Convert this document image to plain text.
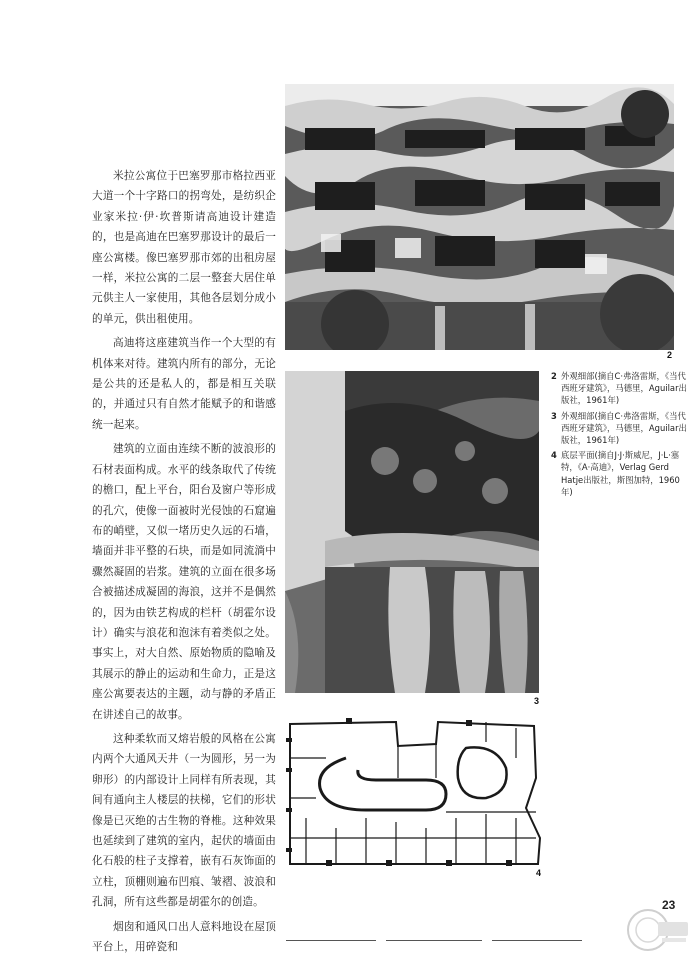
米拉公寓位于巴塞罗那市格拉西亚大道一个十字路口的拐弯处，是纺织企业家米拉·伊·坎普斯请高迪设计建造的，也是高迪在巴塞罗那设计的最后一座公寓楼。像巴塞罗那市郊的出租房屋一样，米拉公寓的二层一整套大居住单元供主人一家使用，其他各层划分成小的单元，供出租使用。

高迪将这座建筑当作一个大型的有机体来对待。建筑内所有的部分，无论是公共的还是私人的，都是相互关联的，并通过只有自然才能赋予的和谐感统一起来。

建筑的立面由连续不断的波浪形的石材表面构成。水平的线条取代了传统的檐口，配上平台，阳台及窗户等形成的孔穴，使像一面被时光侵蚀的石窟遍布的峭壁，又似一堵历史久远的石墙，墙面并非平整的石块，而是如同流淌中骤然凝固的岩浆。建筑的立面在很多场合被描述成凝固的海浪，这并不是偶然的，因为由铁艺构成的栏杆（胡霍尔设计）确实与浪花和泡沫有着类似之处。事实上，对大自然、原始物质的隐喻及其展示的静止的运动和生命力，正是这座公寓要表达的主题，动与静的矛盾正在讲述自己的故事。

这种柔软而又熔岩般的风格在公寓内两个大通风天井（一为圆形，另一为卵形）的内部设计上同样有所表现，其间有通向主人楼层的扶梯，它们的形状像是已灭绝的古生物的脊椎。这种效果也延续到了建筑的室内，起伏的墙面由化石般的柱子支撑着，嵌有石灰饰面的立柱，顶棚则遍布凹痕、皱褶、波浪和孔洞，所有这些都是胡霍尔的创造。

烟囱和通风口出人意料地设在屋顶平台上，用碎瓷和

2
3
2 外观细部(摘自C·弗洛雷斯，《当代西班牙建筑》，马德里，Aguilar出版社，1961年)
3 外观细部(摘自C·弗洛雷斯，《当代西班牙建筑》，马德里，Aguilar出版社，1961年)
4 底层平面(摘自J·J·斯威尼，J·L·塞特，《A·高迪》，Verlag Gerd Hatje出版社，斯图加特，1960年)
4
23
